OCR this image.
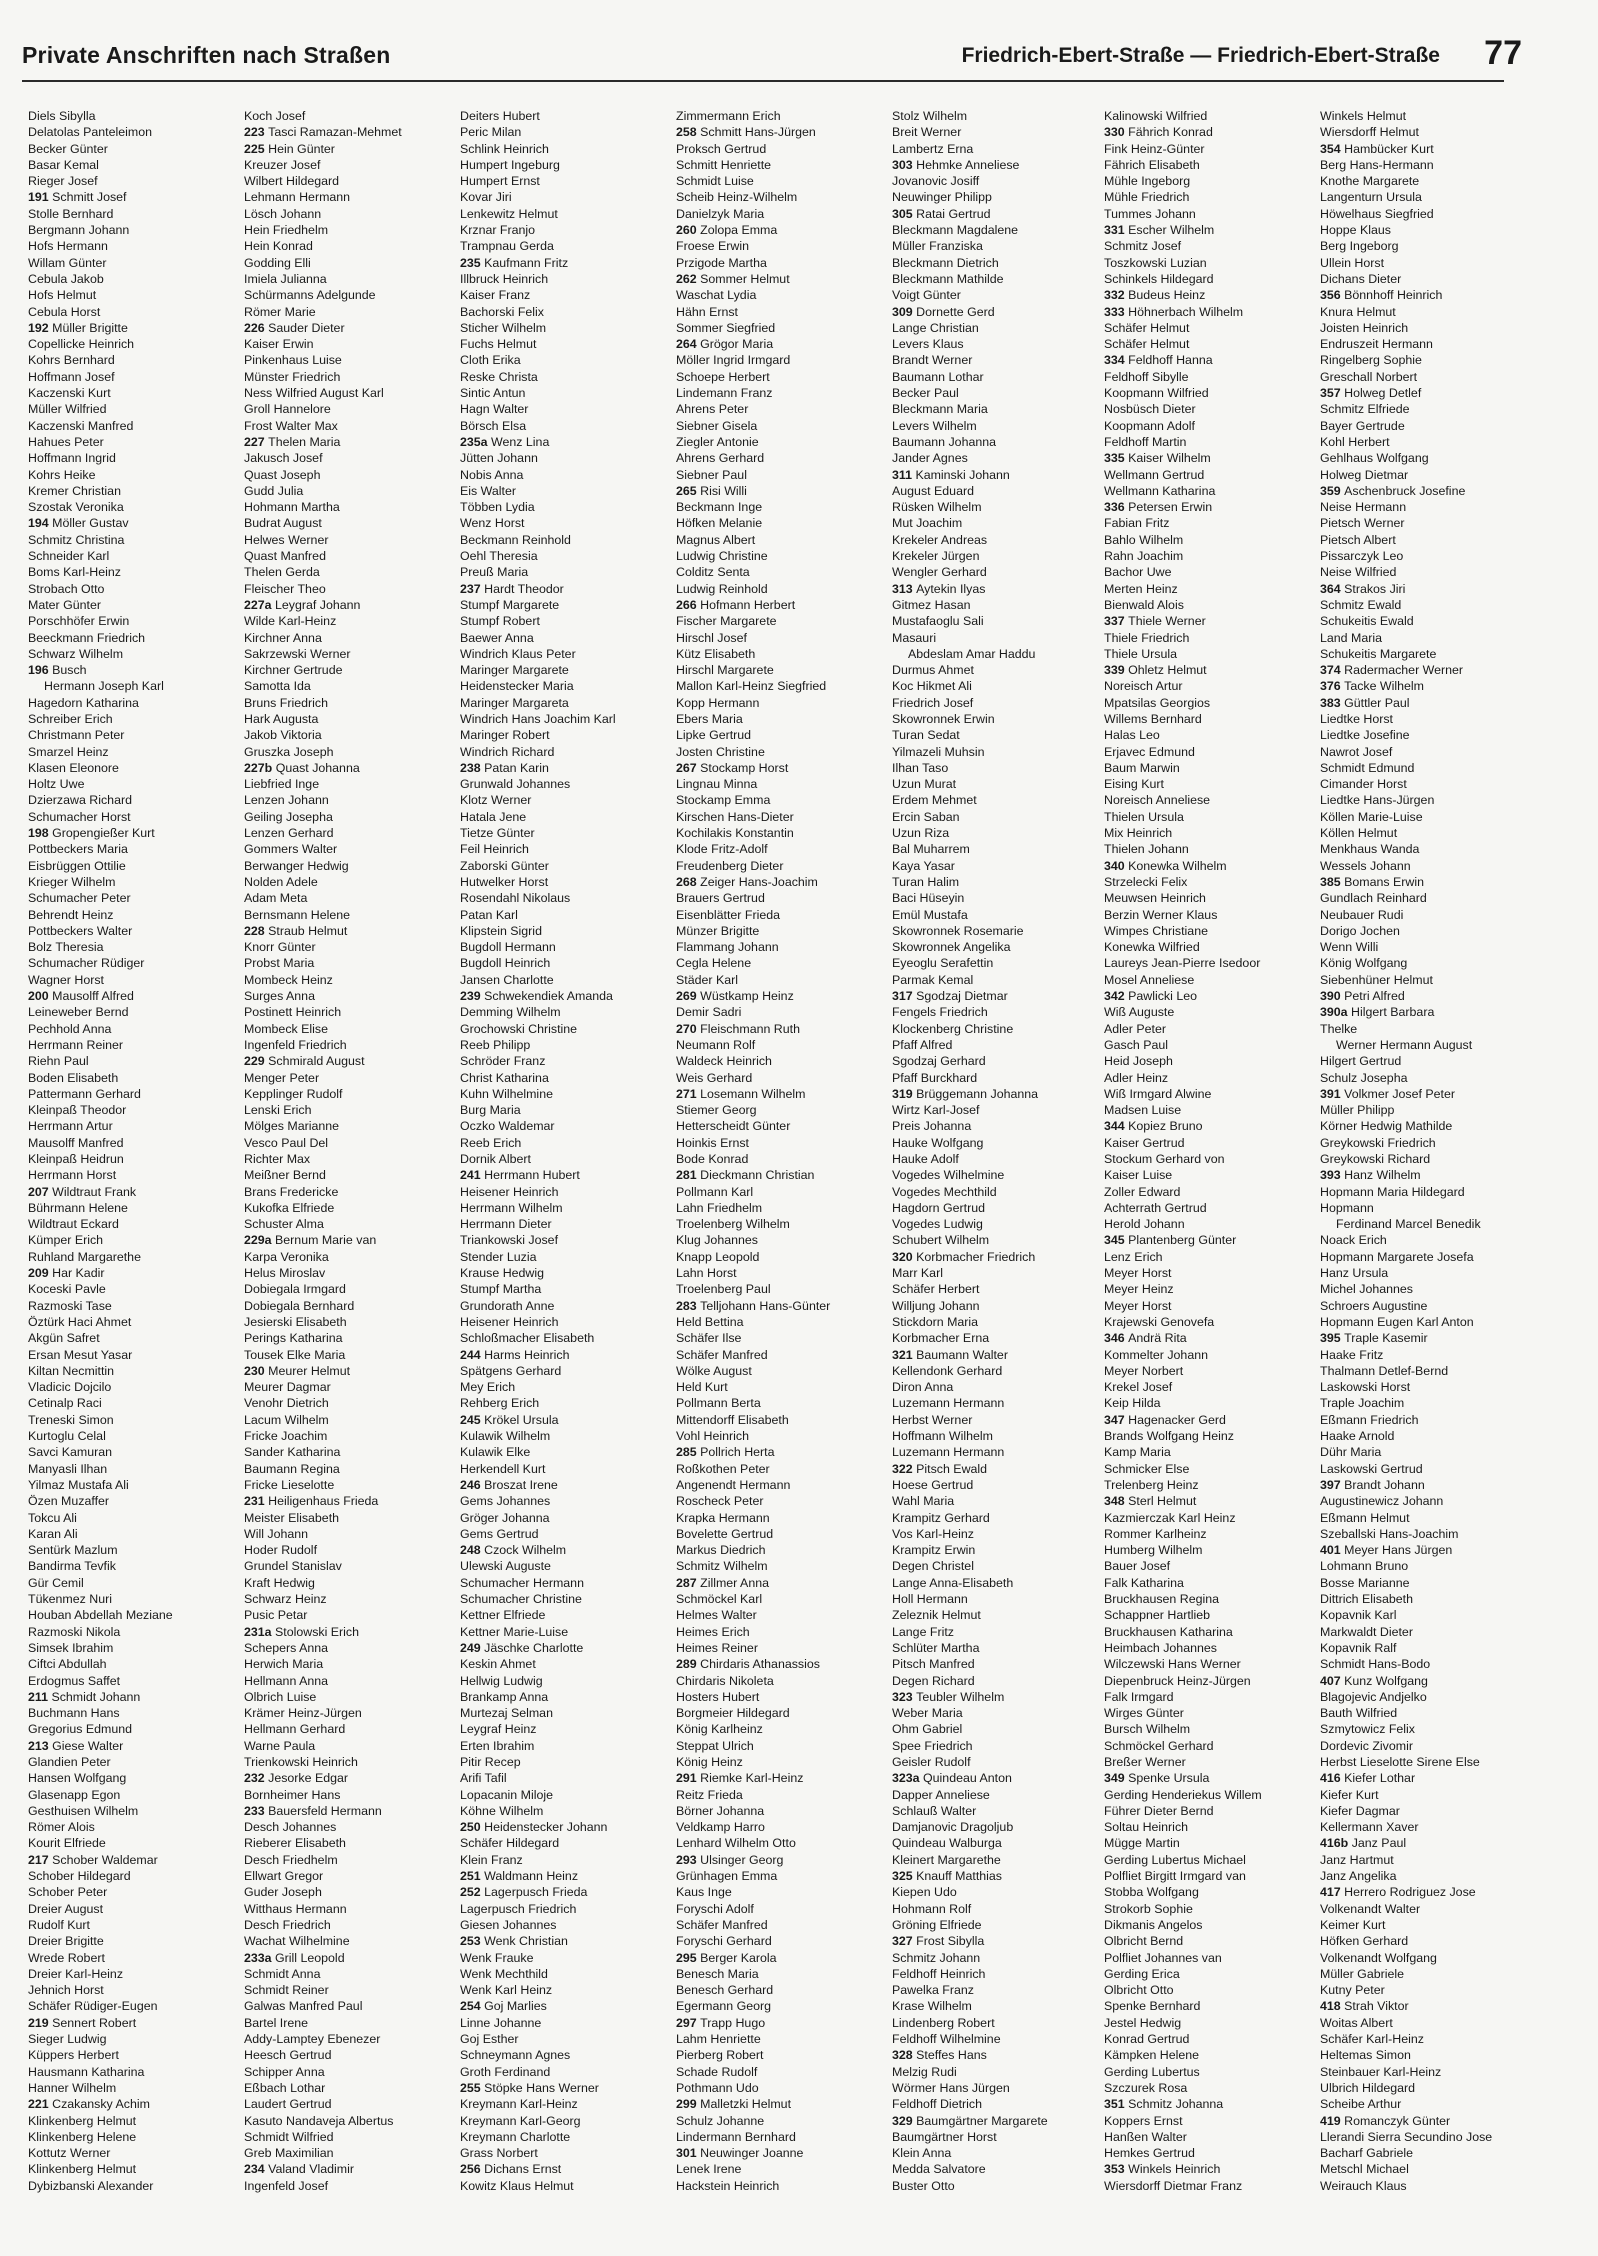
Private Anschriften nach Straßen	Friedrich-Ebert-Straße — Friedrich-Ebert-Straße 77
Diels Sibylla
Delatolas Panteleimon
Becker Günter
Basar Kemal
Rieger Josef
191 Schmitt Josef
Stolle Bernhard
Bergmann Johann
Hofs Hermann
Willam Günter
Cebula Jakob
Hofs Helmut
Cebula Horst
192 Müller Brigitte
Copellicke Heinrich
Kohrs Bernhard
Hoffmann Josef
Kaczenski Kurt
Müller Wilfried
Kaczenski Manfred
Hahues Peter
Hoffmann Ingrid
Kohrs Heike
Kremer Christian
Szostak Veronika
194 Möller Gustav
Schmitz Christina
Schneider Karl
Boms Karl-Heinz
Strobach Otto
Mater Günter
Porschhöfer Erwin
Beeckmann Friedrich
Schwarz Wilhelm
196 Busch
Hermann Joseph Karl
Hagedorn Katharina
Schreiber Erich
Christmann Peter
Smarzel Heinz
Klasen Eleonore
Holtz Uwe
Dzierzawa Richard
Schumacher Horst
198 Gropengießer Kurt
Pottbeckers Maria
Eisbrüggen Ottilie
Krieger Wilhelm
Schumacher Peter
Behrendt Heinz
Pottbeckers Walter
Bolz Theresia
Schumacher Rüdiger
Wagner Horst
200 Mausolff Alfred
Leineweber Bernd
Pechhold Anna
Herrmann Reiner
Riehn Paul
Boden Elisabeth
Pattermann Gerhard
Kleinpaß Theodor
Herrmann Artur
Mausolff Manfred
Kleinpaß Heidrun
Herrmann Horst
207 Wildtraut Frank
Bührmann Helene
Wildtraut Eckard
Kümper Erich
Ruhland Margarethe
209 Har Kadir
Koceski Pavle
Razmoski Tase
Öztürk Haci Ahmet
Akgün Safret
Ersan Mesut Yasar
Kiltan Necmittin
Vladicic Dojcilo
Cetinalp Raci
Treneski Simon
Kurtoglu Celal
Savci Kamuran
Manyasli Ilhan
Yilmaz Mustafa Ali
Özen Muzaffer
Tokcu Ali
Karan Ali
Sentürk Mazlum
Bandirma Tevfik
Gür Cemil
Tükenmez Nuri
Houban Abdellah Meziane
Razmoski Nikola
Simsek Ibrahim
Ciftci Abdullah
Erdogmus Saffet
211 Schmidt Johann
Buchmann Hans
Gregorius Edmund
213 Giese Walter
Glandien Peter
Hansen Wolfgang
Glasenapp Egon
Gesthuisen Wilhelm
Römer Alois
Kourit Elfriede
217 Schober Waldemar
Schober Hildegard
Schober Peter
Dreier August
Rudolf Kurt
Dreier Brigitte
Wrede Robert
Dreier Karl-Heinz
Jehnich Horst
Schäfer Rüdiger-Eugen
219 Sennert Robert
Sieger Ludwig
Küppers Herbert
Hausmann Katharina
Hanner Wilhelm
221 Czakansky Achim
Klinkenberg Helmut
Klinkenberg Helene
Kottutz Werner
Klinkenberg Helmut
Dybizbanski Alexander
Koch Josef
223 Tasci Ramazan-Mehmet
225 Hein Günter
Kreuzer Josef
Wilbert Hildegard
Lehmann Hermann
Lösch Johann
Hein Friedhelm
Hein Konrad
Godding Elli
Imiela Julianna
Schürmanns Adelgunde
Römer Marie
226 Sauder Dieter
Kaiser Erwin
Pinkenhaus Luise
Münster Friedrich
Ness Wilfried August Karl
Groll Hannelore
Frost Walter Max
227 Thelen Maria
Jakusch Josef
Quast Joseph
Gudd Julia
Hohmann Martha
Budrat August
Helwes Werner
Quast Manfred
Thelen Gerda
Fleischer Theo
227a Leygraf Johann
Wilde Karl-Heinz
Kirchner Anna
Sakrzewski Werner
Kirchner Gertrude
Samotta Ida
Bruns Friedrich
Hark Augusta
Jakob Viktoria
Gruszka Joseph
227b Quast Johanna
Liebfried Inge
Lenzen Johann
Geiling Josepha
Lenzen Gerhard
Gommers Walter
Berwanger Hedwig
Nolden Adele
Adam Meta
Bernsmann Helene
228 Straub Helmut
Knorr Günter
Probst Maria
Mombeck Heinz
Surges Anna
Postinett Heinrich
Mombeck Elise
Ingenfeld Friedrich
229 Schmirald August
Menger Peter
Kepplinger Rudolf
Lenski Erich
Mölges Marianne
Vesco Paul Del
Richter Max
Meißner Bernd
Brans Fredericke
Kukofka Elfriede
Schuster Alma
229a Bernum Marie van
Karpa Veronika
Helus Miroslav
Dobiegala Irmgard
Dobiegala Bernhard
Jesierski Elisabeth
Perings Katharina
Tousek Elke Maria
230 Meurer Helmut
Meurer Dagmar
Venohr Dietrich
Lacum Wilhelm
Fricke Joachim
Sander Katharina
Baumann Regina
Fricke Lieselotte
231 Heiligenhaus Frieda
Meister Elisabeth
Will Johann
Hoder Rudolf
Grundel Stanislav
Kraft Hedwig
Schwarz Heinz
Pusic Petar
231a Stolowski Erich
Schepers Anna
Herwich Maria
Hellmann Anna
Olbrich Luise
Krämer Heinz-Jürgen
Hellmann Gerhard
Warne Paula
Trienkowski Heinrich
232 Jesorke Edgar
Bornheimer Hans
233 Bauersfeld Hermann
Desch Johannes
Rieberer Elisabeth
Desch Friedhelm
Ellwart Gregor
Guder Joseph
Witthaus Hermann
Desch Friedrich
Wachat Wilhelmine
233a Grill Leopold
Schmidt Anna
Schmidt Reiner
Galwas Manfred Paul
Bartel Irene
Addy-Lamptey Ebenezer
Heesch Gertrud
Schipper Anna
Eßbach Lothar
Laudert Gertrud
Kasuto Nandaveja Albertus
Schmidt Wilfried
Greb Maximilian
234 Valand Vladimir
Ingenfeld Josef
Deiters Hubert
Peric Milan
Schlink Heinrich
Humpert Ingeburg
Humpert Ernst
Kovar Jiri
Lenkewitz Helmut
Krznar Franjo
Trampnau Gerda
235 Kaufmann Fritz
Illbruck Heinrich
Kaiser Franz
Bachorski Felix
Sticher Wilhelm
Fuchs Helmut
Cloth Erika
Reske Christa
Sintic Antun
Hagn Walter
Börsch Elsa
235a Wenz Lina
Jütten Johann
Nobis Anna
Eis Walter
Többen Lydia
Wenz Horst
Beckmann Reinhold
Oehl Theresia
Preuß Maria
237 Hardt Theodor
Stumpf Margarete
Stumpf Robert
Baewer Anna
Windrich Klaus Peter
Maringer Margarete
Heidenstecker Maria
Maringer Margareta
Windrich Hans Joachim Karl
Maringer Robert
Windrich Richard
238 Patan Karin
Grunwald Johannes
Klotz Werner
Hatala Jene
Tietze Günter
Feil Heinrich
Zaborski Günter
Hutwelker Horst
Rosendahl Nikolaus
Patan Karl
Klipstein Sigrid
Bugdoll Hermann
Bugdoll Heinrich
Jansen Charlotte
239 Schwekendiek Amanda
Demming Wilhelm
Grochowski Christine
Reeb Philipp
Schröder Franz
Christ Katharina
Kuhn Wilhelmine
Burg Maria
Oczko Waldemar
Reeb Erich
Dornik Albert
241 Herrmann Hubert
Heisener Heinrich
Herrmann Wilhelm
Herrmann Dieter
Triankowski Josef
Stender Luzia
Krause Hedwig
Stumpf Martha
Grundorath Anne
Heisener Heinrich
Schloßmacher Elisabeth
244 Harms Heinrich
Spätgens Gerhard
Mey Erich
Rehberg Erich
245 Krökel Ursula
Kulawik Wilhelm
Kulawik Elke
Herkendell Kurt
246 Broszat Irene
Gems Johannes
Gröger Johanna
Gems Gertrud
248 Czock Wilhelm
Ulewski Auguste
Schumacher Hermann
Schumacher Christine
Kettner Elfriede
Kettner Marie-Luise
249 Jäschke Charlotte
Keskin Ahmet
Hellwig Ludwig
Brankamp Anna
Murtezaj Selman
Leygraf Heinz
Erten Ibrahim
Pitir Recep
Arifi Tafil
Lopacanin Miloje
Köhne Wilhelm
250 Heidenstecker Johann
Schäfer Hildegard
Klein Franz
251 Waldmann Heinz
252 Lagerpusch Frieda
Lagerpusch Friedrich
Giesen Johannes
253 Wenk Christian
Wenk Frauke
Wenk Mechthild
Wenk Karl Heinz
254 Goj Marlies
Linne Johanne
Goj Esther
Schneymann Agnes
Groth Ferdinand
255 Stöpke Hans Werner
Kreymann Karl-Heinz
Kreymann Karl-Georg
Kreymann Charlotte
Grass Norbert
256 Dichans Ernst
Kowitz Klaus Helmut
Zimmermann Erich
258 Schmitt Hans-Jürgen
Proksch Gertrud
Schmitt Henriette
Schmidt Luise
Scheib Heinz-Wilhelm
Danielzyk Maria
260 Zolopa Emma
Froese Erwin
Przigode Martha
262 Sommer Helmut
Waschat Lydia
Hähn Ernst
Sommer Siegfried
264 Grögor Maria
Möller Ingrid Irmgard
Schoepe Herbert
Lindemann Franz
Ahrens Peter
Siebner Gisela
Ziegler Antonie
Ahrens Gerhard
Siebner Paul
265 Risi Willi
Beckmann Inge
Höfken Melanie
Magnus Albert
Ludwig Christine
Colditz Senta
Ludwig Reinhold
266 Hofmann Herbert
Fischer Margarete
Hirschl Josef
Kütz Elisabeth
Hirschl Margarete
Mallon Karl-Heinz Siegfried
Kopp Hermann
Ebers Maria
Lipke Gertrud
Josten Christine
267 Stockamp Horst
Lingnau Minna
Stockamp Emma
Kirschen Hans-Dieter
Kochilakis Konstantin
Klode Fritz-Adolf
Freudenberg Dieter
268 Zeiger Hans-Joachim
Brauers Gertrud
Eisenblätter Frieda
Münzer Brigitte
Flammang Johann
Cegla Helene
Städer Karl
269 Wüstkamp Heinz
Demir Sadri
270 Fleischmann Ruth
Neumann Rolf
Waldeck Heinrich
Weis Gerhard
271 Losemann Wilhelm
Stiemer Georg
Hetterscheidt Günter
Hoinkis Ernst
Bode Konrad
281 Dieckmann Christian
Pollmann Karl
Lahn Friedhelm
Troelenberg Wilhelm
Klug Johannes
Knapp Leopold
Lahn Horst
Troelenberg Paul
283 Telljohann Hans-Günter
Held Bettina
Schäfer Ilse
Schäfer Manfred
Wölke August
Held Kurt
Pollmann Berta
Mittendorff Elisabeth
Vohl Heinrich
285 Pollrich Herta
Roßkothen Peter
Angenendt Hermann
Roscheck Peter
Krapka Hermann
Bovelette Gertrud
Markus Diedrich
Schmitz Wilhelm
287 Zillmer Anna
Schmöckel Karl
Helmes Walter
Heimes Erich
Heimes Reiner
289 Chirdaris Athanassios
Chirdaris Nikoleta
Hosters Hubert
Borgmeier Hildegard
König Karlheinz
Steppat Ulrich
König Heinz
291 Riemke Karl-Heinz
Reitz Frieda
Börner Johanna
Veldkamp Harro
Lenhard Wilhelm Otto
293 Ulsinger Georg
Grünhagen Emma
Kaus Inge
Foryschi Adolf
Schäfer Manfred
Foryschi Gerhard
295 Berger Karola
Benesch Maria
Benesch Gerhard
Egermann Georg
297 Trapp Hugo
Lahm Henriette
Pierberg Robert
Schade Rudolf
Pothmann Udo
299 Malletzki Helmut
Schulz Johanne
Lindermann Bernhard
301 Neuwinger Joanne
Lenek Irene
Hackstein Heinrich
Stolz Wilhelm
Breit Werner
Lambertz Erna
303 Hehmke Anneliese
Jovanovic Josiff
Neuwinger Philipp
305 Ratai Gertrud
Bleckmann Magdalene
Müller Franziska
Bleckmann Dietrich
Bleckmann Mathilde
Voigt Günter
309 Dornette Gerd
Lange Christian
Levers Klaus
Brandt Werner
Baumann Lothar
Becker Paul
Bleckmann Maria
Levers Wilhelm
Baumann Johanna
Jander Agnes
311 Kaminski Johann
August Eduard
Rüsken Wilhelm
Mut Joachim
Krekeler Andreas
Krekeler Jürgen
Wengler Gerhard
313 Aytekin Ilyas
Gitmez Hasan
Mustafaoglu Sali
Masauri
Abdeslam Amar Haddu
Durmus Ahmet
Koc Hikmet Ali
Friedrich Josef
Skowronnek Erwin
Turan Sedat
Yilmazeli Muhsin
Ilhan Taso
Uzun Murat
Erdem Mehmet
Ercin Saban
Uzun Riza
Bal Muharrem
Kaya Yasar
Turan Halim
Baci Hüseyin
Emül Mustafa
Skowronnek Rosemarie
Skowronnek Angelika
Eyeoglu Serafettin
Parmak Kemal
317 Sgodzaj Dietmar
Fengels Friedrich
Klockenberg Christine
Pfaff Alfred
Sgodzaj Gerhard
Pfaff Burckhard
319 Brüggemann Johanna
Wirtz Karl-Josef
Preis Johanna
Hauke Wolfgang
Hauke Adolf
Vogedes Wilhelmine
Vogedes Mechthild
Hagdorn Gertrud
Vogedes Ludwig
Schubert Wilhelm
320 Korbmacher Friedrich
Marr Karl
Schäfer Herbert
Willjung Johann
Stickdorn Maria
Korbmacher Erna
321 Baumann Walter
Kellendonk Gerhard
Diron Anna
Luzemann Hermann
Herbst Werner
Hoffmann Wilhelm
Luzemann Hermann
322 Pitsch Ewald
Hoese Gertrud
Wahl Maria
Krampitz Gerhard
Vos Karl-Heinz
Krampitz Erwin
Degen Christel
Lange Anna-Elisabeth
Holl Hermann
Zeleznik Helmut
Lange Fritz
Schlüter Martha
Pitsch Manfred
Degen Richard
323 Teubler Wilhelm
Weber Maria
Ohm Gabriel
Spee Friedrich
Geisler Rudolf
323a Quindeau Anton
Dapper Anneliese
Schlauß Walter
Damjanovic Dragoljub
Quindeau Walburga
Kleinert Margarethe
325 Knauff Matthias
Kiepen Udo
Hohmann Rolf
Gröning Elfriede
327 Frost Sibylla
Schmitz Johann
Feldhoff Heinrich
Pawelka Franz
Krase Wilhelm
Lindenberg Robert
Feldhoff Wilhelmine
328 Steffes Hans
Melzig Rudi
Wörmer Hans Jürgen
Feldhoff Dietrich
329 Baumgärtner Margarete
Baumgärtner Horst
Klein Anna
Medda Salvatore
Buster Otto
Kalinowski Wilfried
330 Fährich Konrad
Fink Heinz-Günter
Fährich Elisabeth
Mühle Ingeborg
Mühle Friedrich
Tummes Johann
331 Escher Wilhelm
Schmitz Josef
Toszkowski Luzian
Schinkels Hildegard
332 Budeus Heinz
333 Höhnerbach Wilhelm
Schäfer Helmut
Schäfer Helmut
334 Feldhoff Hanna
Feldhoff Sibylle
Koopmann Wilfried
Nosbüsch Dieter
Koopmann Adolf
Feldhoff Martin
335 Kaiser Wilhelm
Wellmann Gertrud
Wellmann Katharina
336 Petersen Erwin
Fabian Fritz
Bahlo Wilhelm
Rahn Joachim
Bachor Uwe
Merten Heinz
Bienwald Alois
337 Thiele Werner
Thiele Friedrich
Thiele Ursula
339 Ohletz Helmut
Noreisch Artur
Mpatsilas Georgios
Willems Bernhard
Halas Leo
Erjavec Edmund
Baum Marwin
Eising Kurt
Noreisch Anneliese
Thielen Ursula
Mix Heinrich
Thielen Johann
340 Konewka Wilhelm
Strzelecki Felix
Meuwsen Heinrich
Berzin Werner Klaus
Wimpes Christiane
Konewka Wilfried
Laureys Jean-Pierre Isedoor
Mosel Anneliese
342 Pawlicki Leo
Wiß Auguste
Adler Peter
Gasch Paul
Heid Joseph
Adler Heinz
Wiß Irmgard Alwine
Madsen Luise
344 Kopiez Bruno
Kaiser Gertrud
Stockum Gerhard von
Kaiser Luise
Zoller Edward
Achterrath Gertrud
Herold Johann
345 Plantenberg Günter
Lenz Erich
Meyer Horst
Meyer Heinz
Meyer Horst
Krajewski Genovefa
346 Andrä Rita
Kommelter Johann
Meyer Norbert
Krekel Josef
Keip Hilda
347 Hagenacker Gerd
Brands Wolfgang Heinz
Kamp Maria
Schmicker Else
Trelenberg Heinz
348 Sterl Helmut
Kazmierczak Karl Heinz
Rommer Karlheinz
Humberg Wilhelm
Bauer Josef
Falk Katharina
Bruckhausen Regina
Schappner Hartlieb
Bruckhausen Katharina
Heimbach Johannes
Wilczewski Hans Werner
Diepenbruck Heinz-Jürgen
Falk Irmgard
Wirges Günter
Bursch Wilhelm
Schmöckel Gerhard
Breßer Werner
349 Spenke Ursula
Gerding Henderiekus Willem
Führer Dieter Bernd
Soltau Heinrich
Mügge Martin
Gerding Lubertus Michael
Polfliet Birgitt Irmgard van
Stobba Wolfgang
Strokorb Sophie
Dikmanis Angelos
Olbricht Bernd
Polfliet Johannes van
Gerding Erica
Olbricht Otto
Spenke Bernhard
Jestel Hedwig
Konrad Gertrud
Kämpken Helene
Gerding Lubertus
Szczurek Rosa
351 Schmitz Johanna
Koppers Ernst
Hanßen Walter
Hemkes Gertrud
353 Winkels Heinrich
Wiersdorff Dietmar Franz
Winkels Helmut
Wiersdorff Helmut
354 Hambücker Kurt
Berg Hans-Hermann
Knothe Margarete
Langenturn Ursula
Höwelhaus Siegfried
Hoppe Klaus
Berg Ingeborg
Ullein Horst
Dichans Dieter
356 Bönnhoff Heinrich
Knura Helmut
Joisten Heinrich
Endruszeit Hermann
Ringelberg Sophie
Greschall Norbert
357 Holweg Detlef
Schmitz Elfriede
Bayer Gertrude
Kohl Herbert
Gehlhaus Wolfgang
Holweg Dietmar
359 Aschenbruck Josefine
Neise Hermann
Pietsch Werner
Pietsch Albert
Pissarczyk Leo
Neise Wilfried
364 Strakos Jiri
Schmitz Ewald
Schukeitis Ewald
Land Maria
Schukeitis Margarete
374 Radermacher Werner
376 Tacke Wilhelm
383 Güttler Paul
Liedtke Horst
Liedtke Josefine
Nawrot Josef
Schmidt Edmund
Cimander Horst
Liedtke Hans-Jürgen
Köllen Marie-Luise
Köllen Helmut
Menkhaus Wanda
Wessels Johann
385 Bomans Erwin
Gundlach Reinhard
Neubauer Rudi
Dorigo Jochen
Wenn Willi
König Wolfgang
Siebenhüner Helmut
390 Petri Alfred
390a Hilgert Barbara
Thelke
Werner Hermann August
Hilgert Gertrud
Schulz Josepha
391 Volkmer Josef Peter
Müller Philipp
Körner Hedwig Mathilde
Greykowski Friedrich
Greykowski Richard
393 Hanz Wilhelm
Hopmann Maria Hildegard
Hopmann
Ferdinand Marcel Benedik
Noack Erich
Hopmann Margarete Josefa
Hanz Ursula
Michel Johannes
Schroers Augustine
Hopmann Eugen Karl Anton
395 Traple Kasemir
Haake Fritz
Thalmann Detlef-Bernd
Laskowski Horst
Traple Joachim
Eßmann Friedrich
Haake Arnold
Dühr Maria
Laskowski Gertrud
397 Brandt Johann
Augustinewicz Johann
Eßmann Helmut
Szeballski Hans-Joachim
401 Meyer Hans Jürgen
Lohmann Bruno
Bosse Marianne
Dittrich Elisabeth
Kopavnik Karl
Markwaldt Dieter
Kopavnik Ralf
Schmidt Hans-Bodo
407 Kunz Wolfgang
Blagojevic Andjelko
Bauth Wilfried
Szmytowicz Felix
Dordevic Zivomir
Herbst Lieselotte Sirene Else
416 Kiefer Lothar
Kiefer Kurt
Kiefer Dagmar
Kellermann Xaver
416b Janz Paul
Janz Hartmut
Janz Angelika
417 Herrero Rodriguez Jose
Volkenandt Walter
Keimer Kurt
Höfken Gerhard
Volkenandt Wolfgang
Müller Gabriele
Kutny Peter
418 Strah Viktor
Woitas Albert
Schäfer Karl-Heinz
Heltemas Simon
Steinbauer Karl-Heinz
Ulbrich Hildegard
Scheibe Arthur
419 Romanczyk Günter
Llerandi Sierra Secundino Jose
Bacharf Gabriele
Metschl Michael
Weirauch Klaus
